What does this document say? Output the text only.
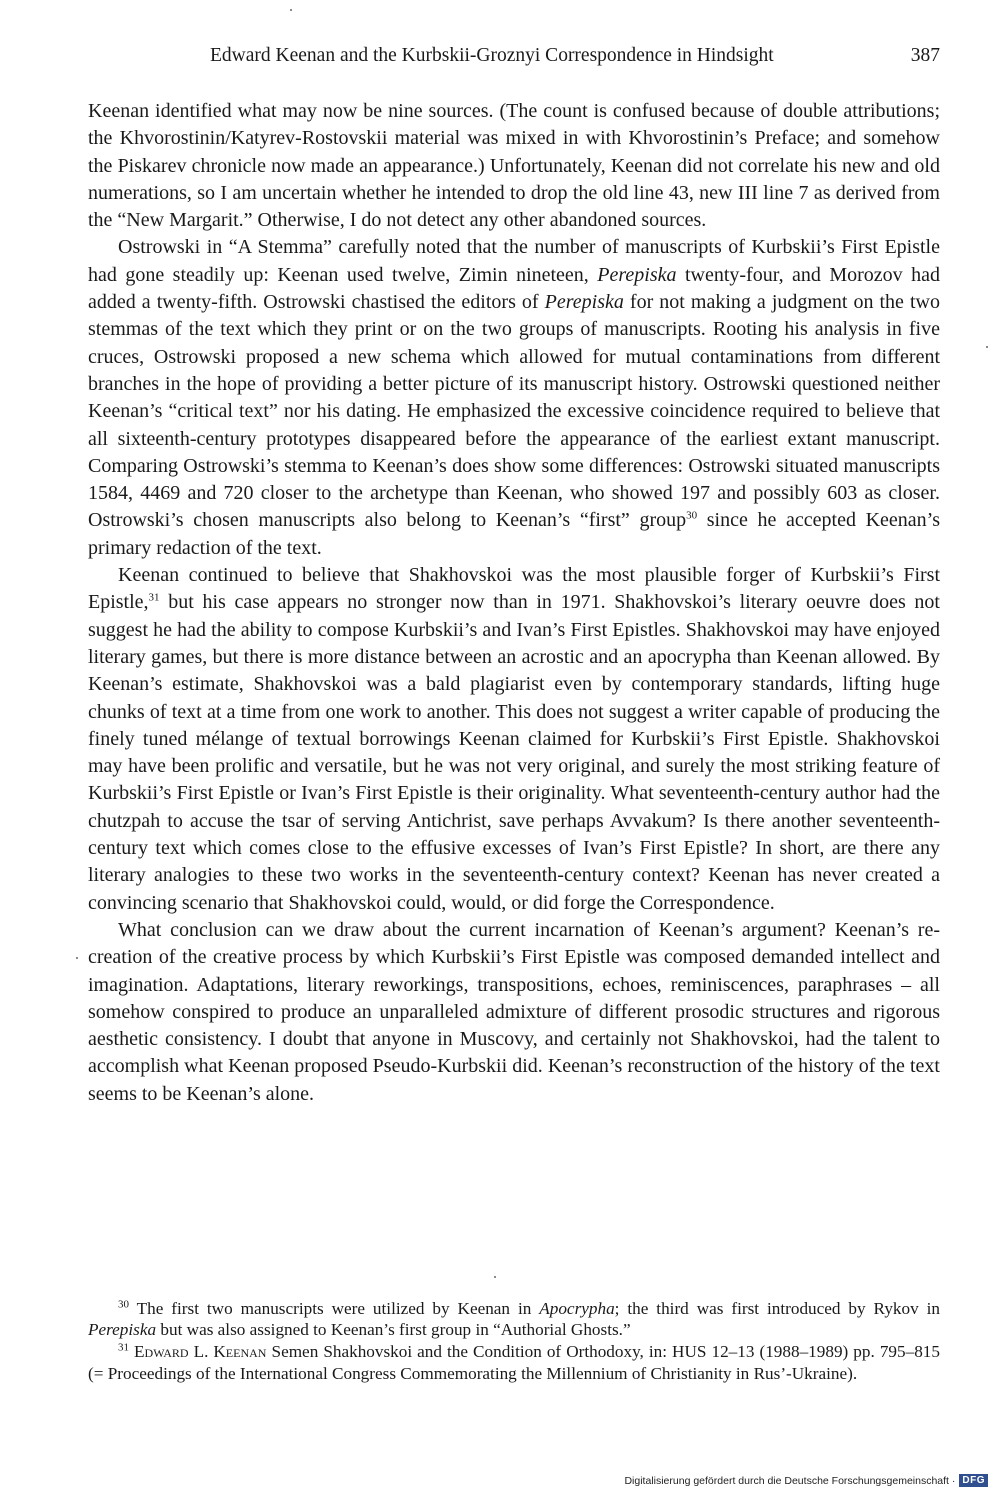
Edward Keenan and the Kurbskii-Groznyi Correspondence in Hindsight	387

Keenan identified what may now be nine sources. (The count is confused because of double attributions; the Khvorostinin/Katyrev-Rostovskii material was mixed in with Khvorostinin’s Preface; and somehow the Piskarev chronicle now made an appearance.) Unfortunately, Keenan did not correlate his new and old numerations, so I am uncertain whether he intended to drop the old line 43, new III line 7 as derived from the “New Margarit.” Otherwise, I do not detect any other abandoned sources.

Ostrowski in “A Stemma” carefully noted that the number of manuscripts of Kurbskii’s First Epistle had gone steadily up: Keenan used twelve, Zimin nineteen, Perepiska twenty-four, and Morozov had added a twenty-fifth. Ostrowski chastised the editors of Perepiska for not making a judgment on the two stemmas of the text which they print or on the two groups of manuscripts. Rooting his analysis in five cruces, Ostrowski proposed a new schema which allowed for mutual contaminations from different branches in the hope of providing a better picture of its manuscript history. Ostrowski questioned neither Keenan’s “critical text” nor his dating. He emphasized the excessive coincidence required to believe that all sixteenth-century prototypes disappeared before the appearance of the earliest extant manuscript. Comparing Ostrowski’s stemma to Keenan’s does show some differences: Ostrowski situated manuscripts 1584, 4469 and 720 closer to the archetype than Keenan, who showed 197 and possibly 603 as closer. Ostrowski’s chosen manuscripts also belong to Keenan’s “first” group$^{30}$ since he accepted Keenan’s primary redaction of the text.

Keenan continued to believe that Shakhovskoi was the most plausible forger of Kurbskii’s First Epistle,$^{31}$ but his case appears no stronger now than in 1971. Shakhovskoi’s literary oeuvre does not suggest he had the ability to compose Kurbskii’s and Ivan’s First Epistles. Shakhovskoi may have enjoyed literary games, but there is more distance between an acrostic and an apocrypha than Keenan allowed. By Keenan’s estimate, Shakhovskoi was a bald plagiarist even by contemporary standards, lifting huge chunks of text at a time from one work to another. This does not suggest a writer capable of producing the finely tuned mélange of textual borrowings Keenan claimed for Kurbskii’s First Epistle. Shakhovskoi may have been prolific and versatile, but he was not very original, and surely the most striking feature of Kurbskii’s First Epistle or Ivan’s First Epistle is their originality. What seventeenth-century author had the chutzpah to accuse the tsar of serving Antichrist, save perhaps Avvakum? Is there another seventeenth-century text which comes close to the effusive excesses of Ivan’s First Epistle? In short, are there any literary analogies to these two works in the seventeenth-century context? Keenan has never created a convincing scenario that Shakhovskoi could, would, or did forge the Correspondence.

What conclusion can we draw about the current incarnation of Keenan’s argument? Keenan’s re-creation of the creative process by which Kurbskii’s First Epistle was composed demanded intellect and imagination. Adaptations, literary reworkings, transpositions, echoes, reminiscences, paraphrases – all somehow conspired to produce an unparalleled admixture of different prosodic structures and rigorous aesthetic consistency. I doubt that anyone in Muscovy, and certainly not Shakhovskoi, had the talent to accomplish what Keenan proposed Pseudo-Kurbskii did. Keenan’s reconstruction of the history of the text seems to be Keenan’s alone.

$^{30}$ The first two manuscripts were utilized by Keenan in Apocrypha; the third was first introduced by Rykov in Perepiska but was also assigned to Keenan’s first group in “Authorial Ghosts.”

$^{31}$ Edward L. Keenan Semen Shakhovskoi and the Condition of Orthodoxy, in: HUS 12–13 (1988–1989) pp. 795–815 (= Proceedings of the International Congress Commemorating the Millennium of Christianity in Rus’-Ukraine).

Digitalisierung gefördert durch die Deutsche Forschungsgemeinschaft · DFG
